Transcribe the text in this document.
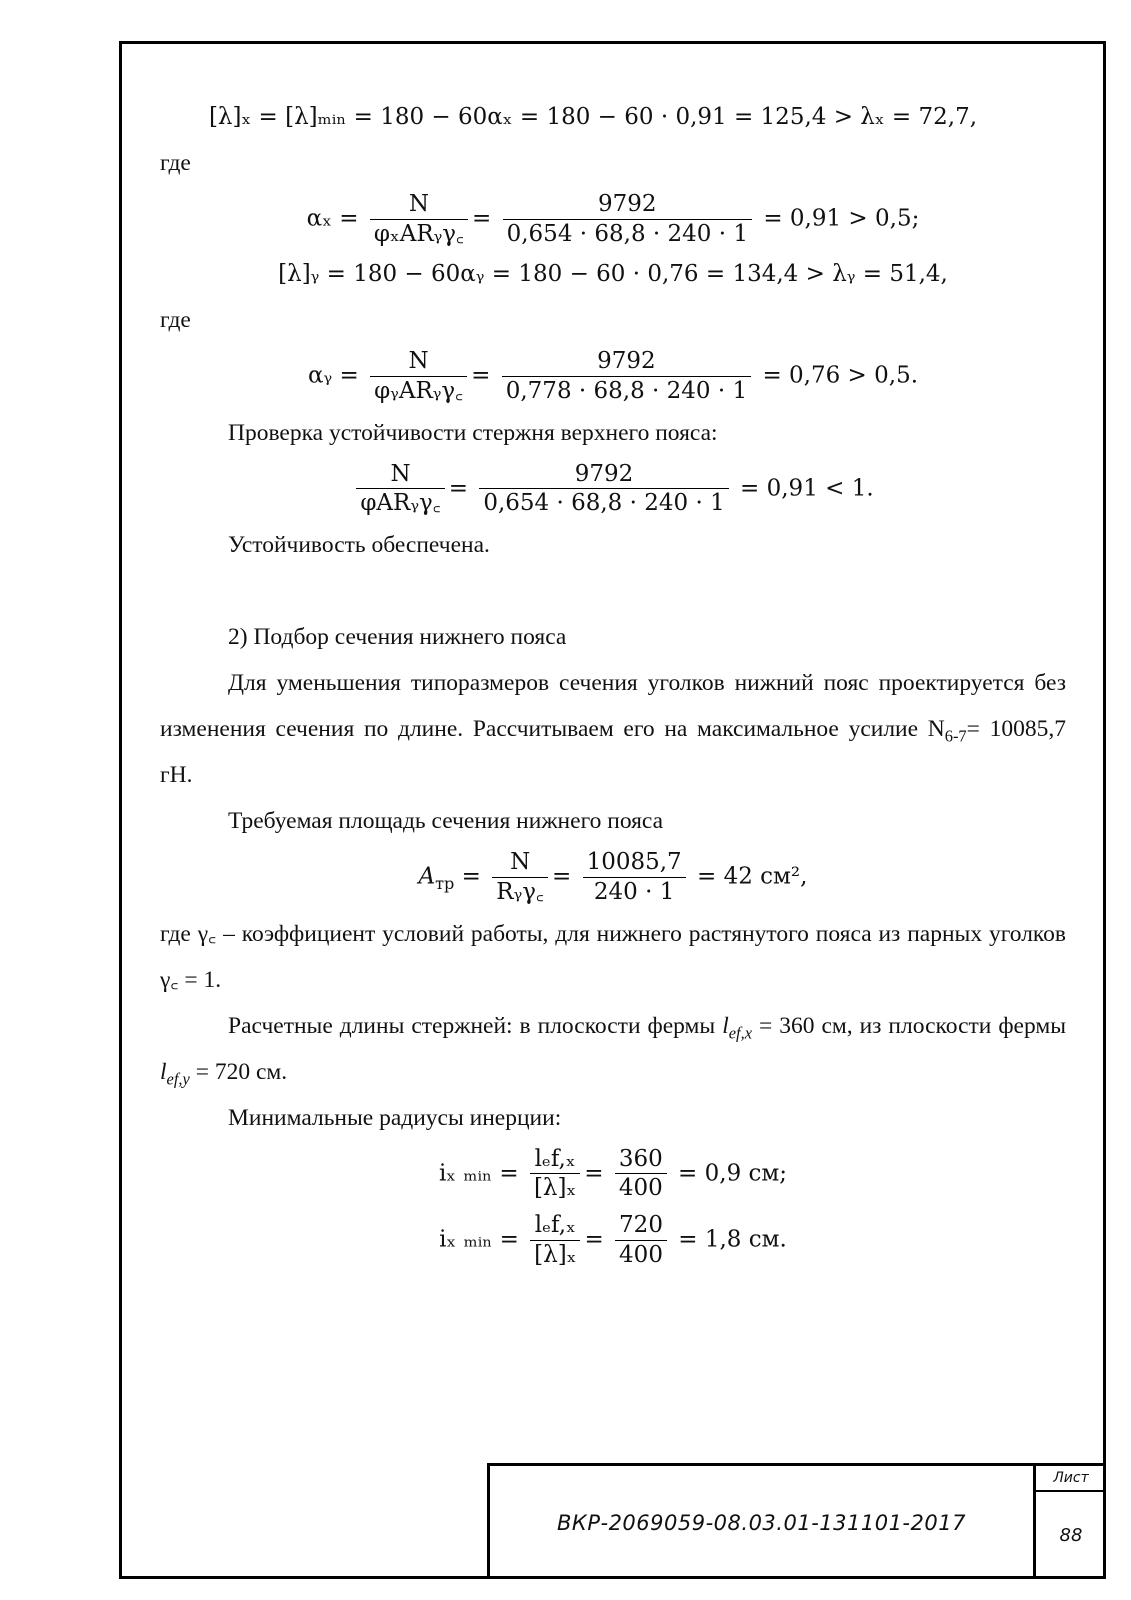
[λ]ₓ = [λ]ₘᵢₙ = 180 − 60αₓ = 180 − 60 · 0,91 = 125,4 > λₓ = 72,7,

где

$\alpha_x = \frac{N}{\text{φₓARᵧγ꜀}} = \frac{9792}{0,654 \cdot 68,8 \cdot 240 \cdot 1} = 0,91 > 0,5$;
[λ]ᵧ = 180 − 60αᵧ = 180 − 60 · 0,76 = 134,4 > λᵧ = 51,4,

где

αᵧ = $\frac{N}{\text{φᵧARᵧγ꜀}} = \frac{9792}{0,778 \cdot 68,8 \cdot 240 \cdot 1} = 0,76 > 0,5$.

Проверка устойчивости стержня верхнего пояса:

$\frac{N}{\text{φARᵧγ꜀}} = \frac{9792}{0,654 \cdot 68,8 \cdot 240 \cdot 1} = 0,91 < 1$.

Устойчивость обеспечена.

2) Подбор сечения нижнего пояса

Для уменьшения типоразмеров сечения уголков нижний пояс проектируется без изменения сечения по длине. Рассчитываем его на максимальное усилие $N_{6-7}= 10085,7$ гН.

Требуемая площадь сечения нижнего пояса

$A_{тр} = \frac{N}{\text{Rᵧγ꜀}} = \frac{10085,7}{240 \cdot 1} = 42$ см²,

где γ꜀ – коэффициент условий работы, для нижнего растянутого пояса из парных уголков γ꜀ = 1.

Расчетные длины стержней: в плоскости фермы $l_{ef,x} = 360$ см, из плоскости фермы $l_{ef,y} = 720$ см.

Минимальные радиусы инерции:

iₓ ₘᵢₙ = $\frac{\text{lₑf,ₓ}}{\text{[λ]ₓ}} = \frac{360}{400} = 0,9$ см;
iₓ ₘᵢₙ = $\frac{\text{lₑf,ₓ}}{\text{[λ]ₓ}} = \frac{720}{400} = 1,8$ см.
ВКР-2069059-08.03.01-131101-2017
Лист
88
